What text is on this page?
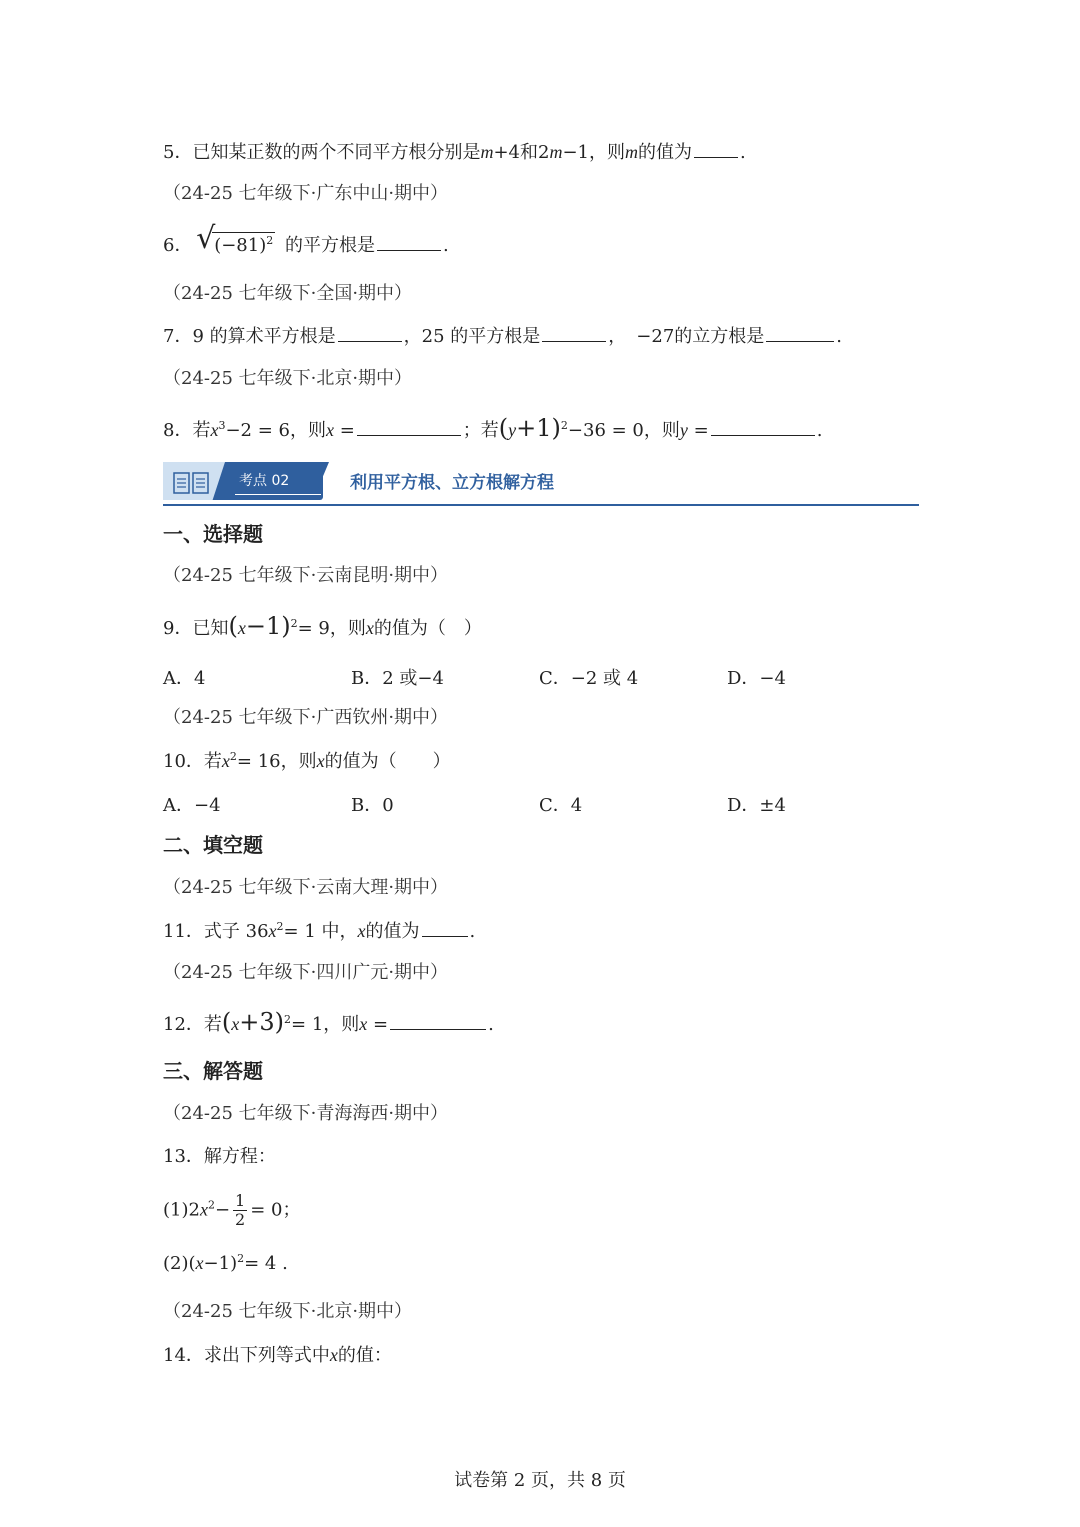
5．已知某正数的两个不同平方根分别是m+4和2m−1，则m的值为	.
（24-25 七年级下·广东中山·期中）
6． √ $(-81)^2$ 的平方根是	.
（24-25 七年级下·全国·期中）
7．9 的算术平方根是	，25 的平方根是	， −27的立方根是	.
（24-25 七年级下·北京·期中）
8．若$x^3-2 = 6$，则x =	；若$(y+1)^2-36 = 0$，则y =	.
考点 02	利用平方根、立方根解方程
一、选择题
（24-25 七年级下·云南昆明·期中）
9．已知$(x-1)^2= 9$，则x的值为（　）
A．4	B．2 或−4	C．−2 或 4	D．−4
（24-25 七年级下·广西钦州·期中）
10．若$x^2= 16$，则x的值为（　　）
A．−4	B．0	C．4	D．±4
二、填空题
（24-25 七年级下·云南大理·期中）
11．式子 $36x^2= 1$ 中，x的值为	.
（24-25 七年级下·四川广元·期中）
12．若$(x+3)^2= 1$，则x =	.
三、解答题
（24-25 七年级下·青海海西·期中）
13．解方程：
$(1)2x^2- \frac{1}{2} = 0$；
$(2)(x-1)^2= 4$ .
（24-25 七年级下·北京·期中）
14．求出下列等式中x的值：
试卷第 2 页，共 8 页
